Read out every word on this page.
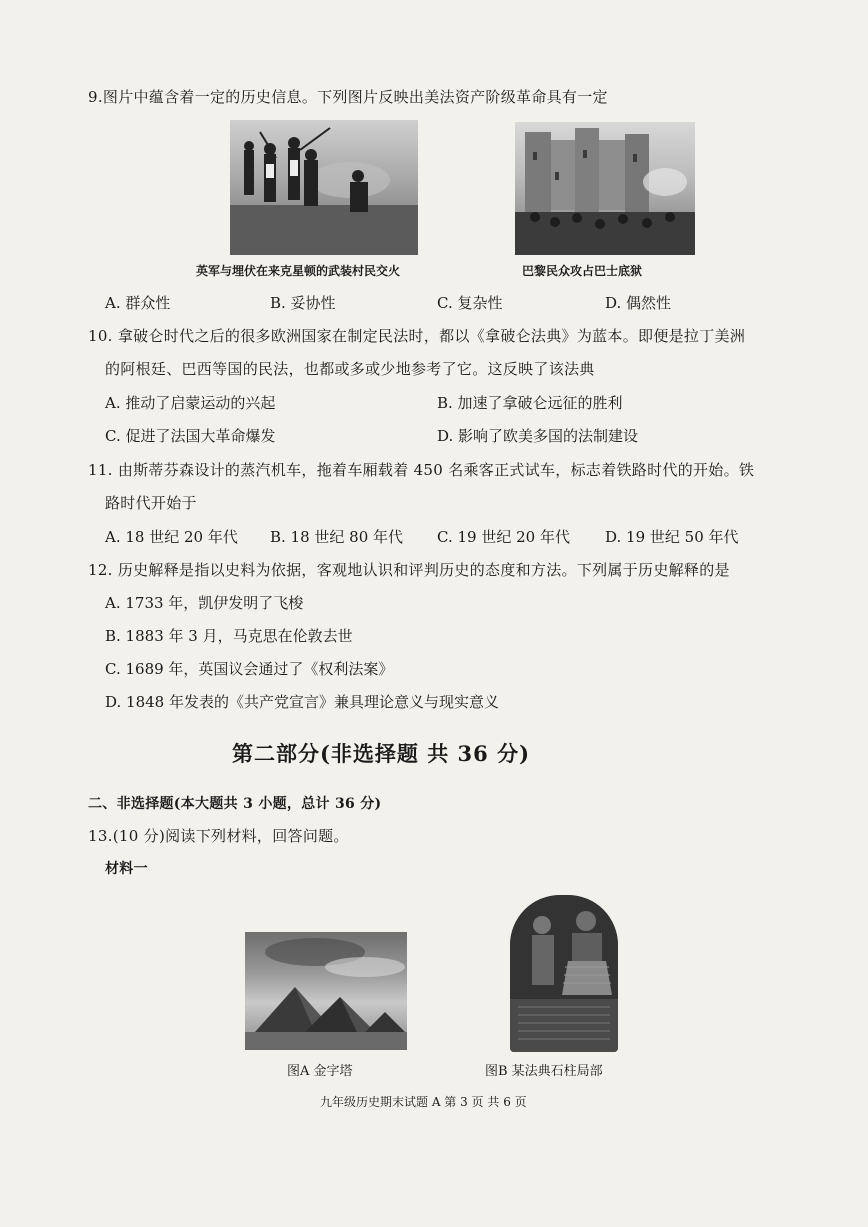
9.图片中蕴含着一定的历史信息。下列图片反映出美法资产阶级革命具有一定
英军与埋伏在来克星顿的武装村民交火	巴黎民众攻占巴士底狱
A. 群众性	B. 妥协性	C. 复杂性	D. 偶然性
10. 拿破仑时代之后的很多欧洲国家在制定民法时，都以《拿破仑法典》为蓝本。即便是拉丁美洲
的阿根廷、巴西等国的民法，也都或多或少地参考了它。这反映了该法典
A. 推动了启蒙运动的兴起	B. 加速了拿破仑远征的胜利
C. 促进了法国大革命爆发	D. 影响了欧美多国的法制建设
11. 由斯蒂芬森设计的蒸汽机车，拖着车厢载着 450 名乘客正式试车，标志着铁路时代的开始。铁
路时代开始于
A. 18 世纪 20 年代 B. 18 世纪 80 年代 C. 19 世纪 20 年代 D. 19 世纪 50 年代
12. 历史解释是指以史料为依据，客观地认识和评判历史的态度和方法。下列属于历史解释的是
A. 1733 年，凯伊发明了飞梭
B. 1883 年 3 月，马克思在伦敦去世
C. 1689 年，英国议会通过了《权利法案》
D. 1848 年发表的《共产党宣言》兼具理论意义与现实意义
第二部分(非选择题 共 36 分)
二、非选择题(本大题共 3 小题，总计 36 分)
13.(10 分)阅读下列材料，回答问题。
材料一
图A 金字塔	图B 某法典石柱局部
九年级历史期末试题 A 第 3 页 共 6 页
